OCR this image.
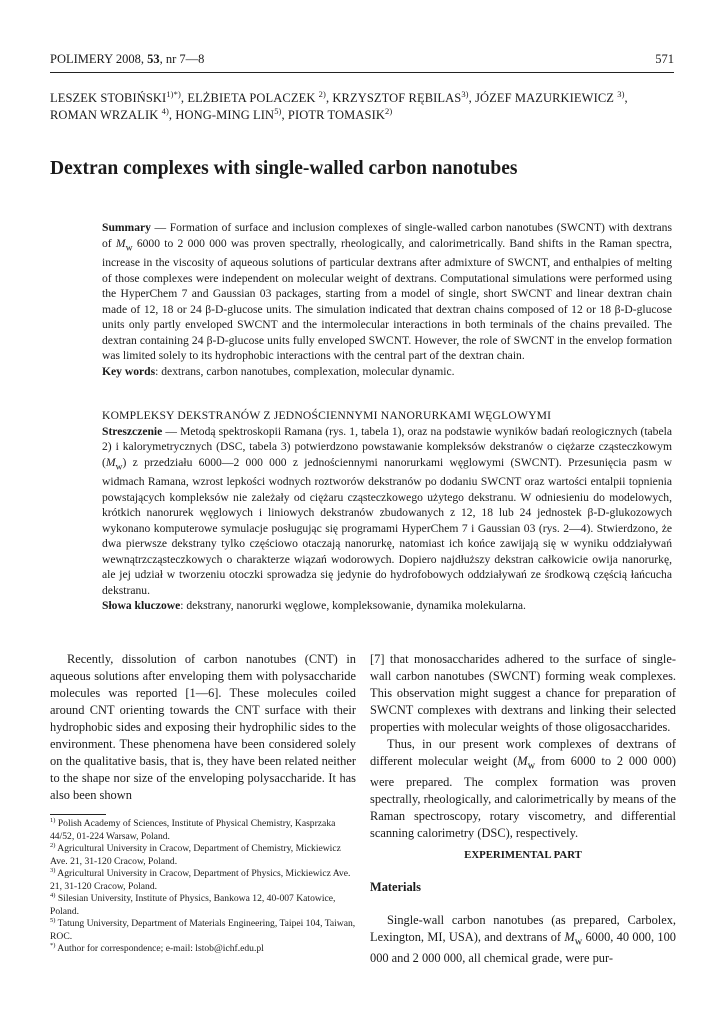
POLIMERY 2008, 53, nr 7—8	571
LESZEK $STOBIŃSKI^{1)*)}$, ELŻBIETA POLACZEK $^{2)}$, KRZYSZTOF RĘBILAS$^{3)}$, JÓZEF MAZURKIEWICZ $^{3)}$,
ROMAN WRZALIK $^{4)}$, HONG-MING LIN$^{5)}$, PIOTR TOMASIK$^{2)}$
Dextran complexes with single-walled carbon nanotubes

Summary — Formation of surface and inclusion complexes of single-walled carbon nanotubes (SWCNT) with dextrans of $M_w$ 6000 to 2 000 000 was proven spectrally, rheologically, and calorimetrically. Band shifts in the Raman spectra, increase in the viscosity of aqueous solutions of particular dextrans after admixture of SWCNT, and enthalpies of melting of those complexes were independent on molecular weight of dextrans. Computational simulations were performed using the HyperChem 7 and Gaussian 03 packages, starting from a model of single, short SWCNT and linear dextran chain made of 12, 18 or 24 β-D-glucose units. The simulation indicated that dextran chains composed of 12 or 18 β-D-glucose units only partly enveloped SWCNT and the intermolecular interactions in both terminals of the chains prevailed. The dextran containing 24 β-D-glucose units fully enveloped SWCNT. However, the role of SWCNT in the envelop formation was limited solely to its hydrophobic interactions with the central part of the dextran chain.

Key words: dextrans, carbon nanotubes, complexation, molecular dynamic.

KOMPLEKSY DEKSTRANÓW Z JEDNOŚCIENNYMI NANORURKAMI WĘGLOWYMI

Streszczenie — Metodą spektroskopii Ramana (rys. 1, tabela 1), oraz na podstawie wyników badań reologicznych (tabela 2) i kalorymetrycznych (DSC, tabela 3) potwierdzono powstawanie kompleksów dekstranów o ciężarze cząsteczkowym $(M_w)$ z przedziału 6000—2 000 000 z jednościennymi nanorurkami węglowymi (SWCNT). Przesunięcia pasm w widmach Ramana, wzrost lepkości wodnych roztworów dekstranów po dodaniu SWCNT oraz wartości entalpii topnienia powstających kompleksów nie zależały od ciężaru cząsteczkowego użytego dekstranu. W odniesieniu do modelowych, krótkich nanorurek węglowych i liniowych dekstranów zbudowanych z 12, 18 lub 24 jednostek β-D-glukozowych wykonano komputerowe symulacje posługując się programami HyperChem 7 i Gaussian 03 (rys. 2—4). Stwierdzono, że dwa pierwsze dekstrany tylko częściowo otaczają nanorurkę, natomiast ich końce zawijają się w wyniku oddziaływań wewnątrzcząsteczkowych o charakterze wiązań wodorowych. Dopiero najdłuższy dekstran całkowicie owija nanorurkę, ale jej udział w tworzeniu otoczki sprowadza się jedynie do hydrofobowych oddziaływań ze środkową częścią łańcucha dekstranu.

Słowa kluczowe: dekstrany, nanorurki węglowe, kompleksowanie, dynamika molekularna.

Recently, dissolution of carbon nanotubes (CNT) in aqueous solutions after enveloping them with polysaccharide molecules was reported [1—6]. These molecules coiled around CNT orienting towards the CNT surface with their hydrophobic sides and exposing their hydrophilic sides to the environment. These phenomena have been considered solely on the qualitative basis, that is, they have been related neither to the shape nor size of the enveloping polysaccharide. It has also been shown

$^{1)}$ Polish Academy of Sciences, Institute of Physical Chemistry, Kasprzaka 44/52, 01-224 Warsaw, Poland.

$^{2)}$ Agricultural University in Cracow, Department of Chemistry, Mickiewicz Ave. 21, 31-120 Cracow, Poland.

$^{3)}$ Agricultural University in Cracow, Department of Physics, Mickiewicz Ave. 21, 31-120 Cracow, Poland.

$^{4)}$ Silesian University, Institute of Physics, Bankowa 12, 40-007 Katowice, Poland.

$^{5)}$ Tatung University, Department of Materials Engineering, Taipei 104, Taiwan, ROC.

*) Author for correspondence; e-mail: lstob@ichf.edu.pl

[7] that monosaccharides adhered to the surface of single-wall carbon nanotubes (SWCNT) forming weak complexes. This observation might suggest a chance for preparation of SWCNT complexes with dextrans and linking their selected properties with molecular weights of those oligosaccharides.

Thus, in our present work complexes of dextrans of different molecular weight ($M_w$ from 6000 to 2 000 000) were prepared. The complex formation was proven spectrally, rheologically, and calorimetrically by means of the Raman spectroscopy, rotary viscometry, and differential scanning calorimetry (DSC), respectively.

EXPERIMENTAL PART
Materials

Single-wall carbon nanotubes (as prepared, Carbolex, Lexington, MI, USA), and dextrans of $M_w$ 6000, 40 000, 100 000 and 2 000 000, all chemical grade, were pur-
